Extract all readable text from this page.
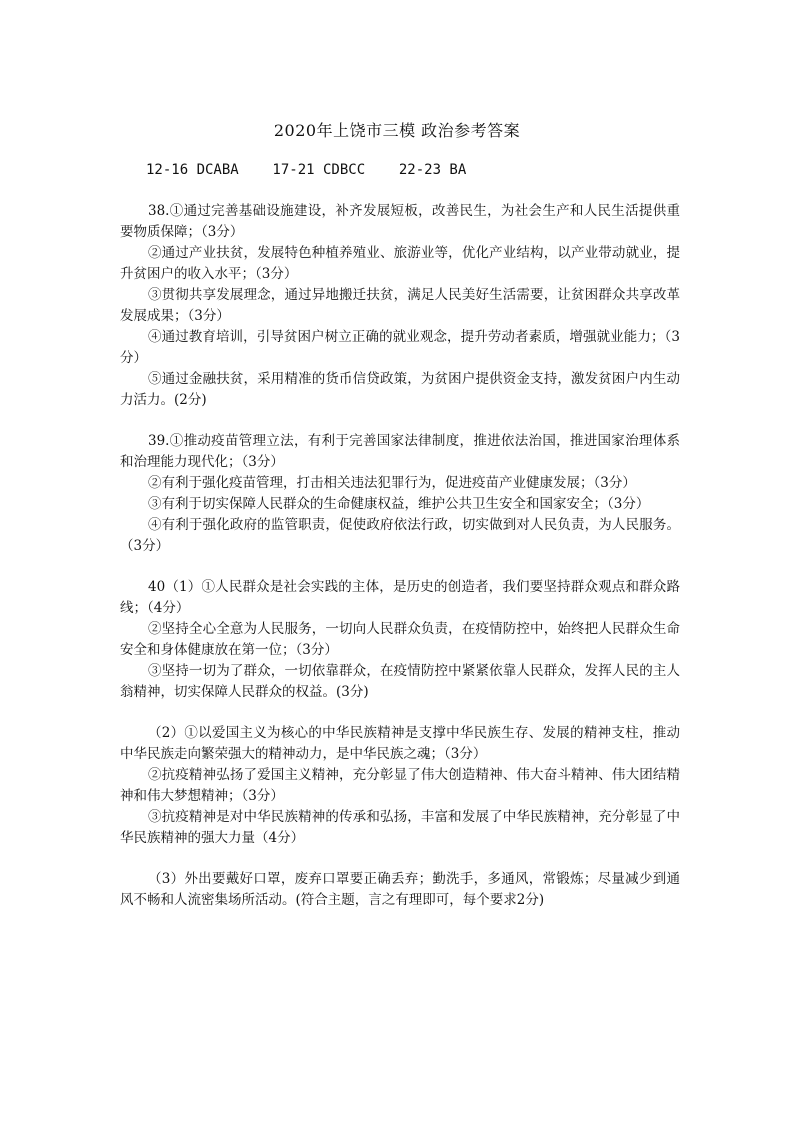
2020年上饶市三模 政治参考答案
12-16 DCABA    17-21 CDBCC    22-23 BA

38.①通过完善基础设施建设，补齐发展短板，改善民生，为社会生产和人民生活提供重要物质保障；（3分）

②通过产业扶贫，发展特色种植养殖业、旅游业等，优化产业结构，以产业带动就业，提升贫困户的收入水平；（3分）

③贯彻共享发展理念，通过异地搬迁扶贫，满足人民美好生活需要，让贫困群众共享改革发展成果；（3分）

④通过教育培训，引导贫困户树立正确的就业观念，提升劳动者素质，增强就业能力；（3分）

⑤通过金融扶贫，采用精准的货币信贷政策，为贫困户提供资金支持，激发贫困户内生动力活力。(2分)

39.①推动疫苗管理立法，有利于完善国家法律制度，推进依法治国，推进国家治理体系和治理能力现代化；（3分）

②有利于强化疫苗管理，打击相关违法犯罪行为，促进疫苗产业健康发展；（3分）

③有利于切实保障人民群众的生命健康权益，维护公共卫生安全和国家安全；（3分）

④有利于强化政府的监管职责，促使政府依法行政，切实做到对人民负责，为人民服务。（3分）

40（1）①人民群众是社会实践的主体，是历史的创造者，我们要坚持群众观点和群众路线；（4分）

②坚持全心全意为人民服务，一切向人民群众负责，在疫情防控中，始终把人民群众生命安全和身体健康放在第一位；（3分）

③坚持一切为了群众，一切依靠群众，在疫情防控中紧紧依靠人民群众，发挥人民的主人翁精神，切实保障人民群众的权益。(3分)

（2）①以爱国主义为核心的中华民族精神是支撑中华民族生存、发展的精神支柱，推动中华民族走向繁荣强大的精神动力，是中华民族之魂；（3分）

②抗疫精神弘扬了爱国主义精神，充分彰显了伟大创造精神、伟大奋斗精神、伟大团结精神和伟大梦想精神；（3分）

③抗疫精神是对中华民族精神的传承和弘扬，丰富和发展了中华民族精神，充分彰显了中华民族精神的强大力量（4分）

（3）外出要戴好口罩，废弃口罩要正确丢弃；勤洗手，多通风，常锻炼；尽量减少到通风不畅和人流密集场所活动。(符合主题，言之有理即可，每个要求2分)
